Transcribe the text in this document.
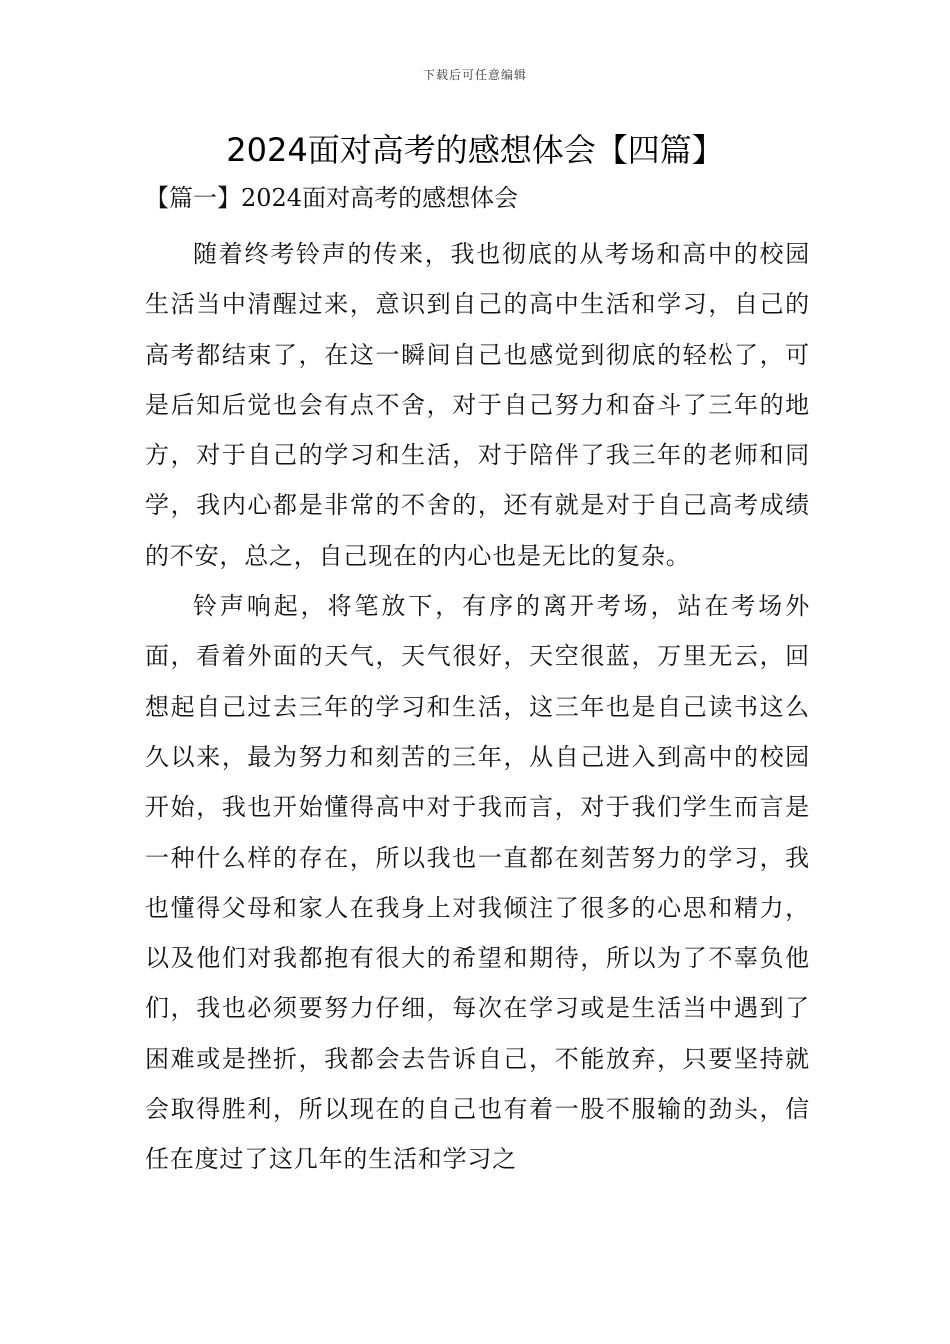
下载后可任意编辑
2024面对高考的感想体会【四篇】
【篇一】2024面对高考的感想体会

随着终考铃声的传来，我也彻底的从考场和高中的校园生活当中清醒过来，意识到自己的高中生活和学习，自己的高考都结束了，在这一瞬间自己也感觉到彻底的轻松了，可是后知后觉也会有点不舍，对于自己努力和奋斗了三年的地方，对于自己的学习和生活，对于陪伴了我三年的老师和同学，我内心都是非常的不舍的，还有就是对于自己高考成绩的不安，总之，自己现在的内心也是无比的复杂。

铃声响起，将笔放下，有序的离开考场，站在考场外面，看着外面的天气，天气很好，天空很蓝，万里无云，回想起自己过去三年的学习和生活，这三年也是自己读书这么久以来，最为努力和刻苦的三年，从自己进入到高中的校园开始，我也开始懂得高中对于我而言，对于我们学生而言是一种什么样的存在，所以我也一直都在刻苦努力的学习，我也懂得父母和家人在我身上对我倾注了很多的心思和精力，以及他们对我都抱有很大的希望和期待，所以为了不辜负他们，我也必须要努力仔细，每次在学习或是生活当中遇到了困难或是挫折，我都会去告诉自己，不能放弃，只要坚持就会取得胜利，所以现在的自己也有着一股不服输的劲头，信任在度过了这几年的生活和学习之
